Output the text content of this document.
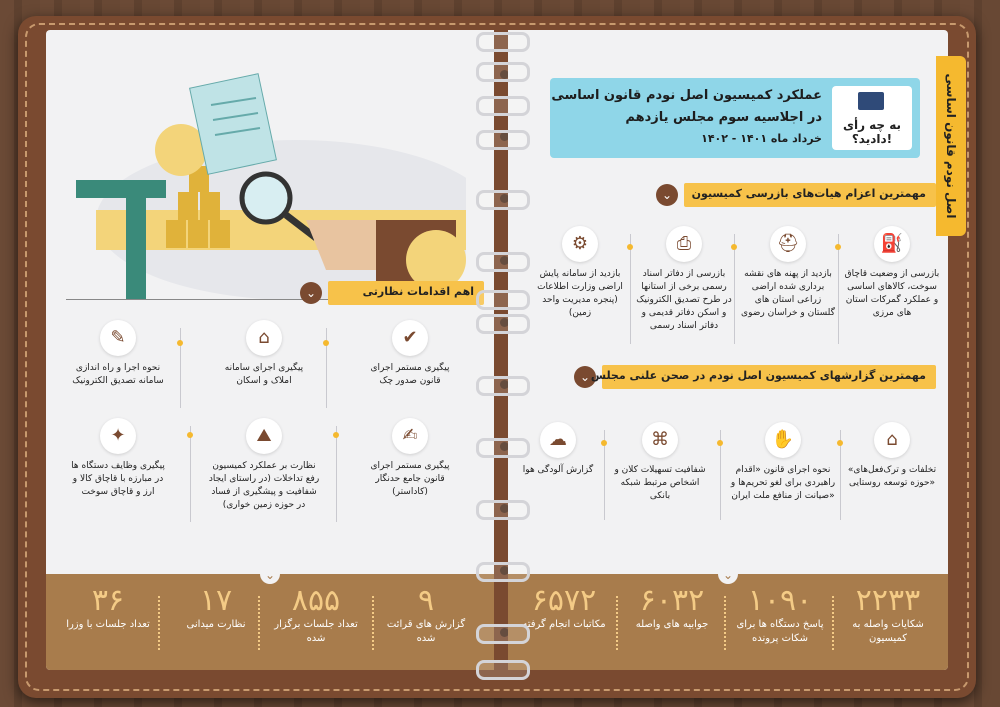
⌄	اهم اقدامات نظارتی
✔
پیگیری مستمر اجرای قانون صدور چک
⌂
پیگیری اجرای سامانه املاک و اسکان
✎
نحوه اجرا و راه اندازی سامانه تصدیق الکترونیک
✍
پیگیری مستمر اجرای قانون جامع حدنگار (کاداستر)
⛰
نظارت بر عملکرد کمیسیون رفع تداخلات (در راستای ایجاد شفافیت و پیشگیری از فساد در حوزه زمین خواری)
✦
پیگیری وظایف دستگاه ها در مبارزه با قاچاق کالا و ارز و قاچاق سوخت
⌄
۹
گزارش های قرائت شده
۸۵۵
تعداد جلسات برگزار شده
۱۷
نظارت میدانی
۳۶
تعداد جلسات با وزرا
به چه رأی دادید؟!
عملکرد کمیسیون اصل نودم قانون اساسی
در اجلاسیه سوم مجلس یازدهم
خرداد ماه ۱۴۰۱ - ۱۴۰۲
⌄	مهمترین اعزام هیات‌های بازرسی کمیسیون
⛽
بازرسی از وضعیت قاچاق سوخت، کالاهای اساسی و عملکرد گمرکات استان های مرزی
⛑
بازدید از پهنه های نقشه برداری شده اراضی زراعی استان های گلستان و خراسان رضوی
⎙
بازرسی از دفاتر اسناد رسمی برخی از استانها در طرح تصدیق الکترونیک و اسکن دفاتر قدیمی و دفاتر اسناد رسمی
⚙
بازدید از سامانه پایش اراضی وزارت اطلاعات (پنجره مدیریت واحد زمین)
⌄ مهمترین گزارشهای کمیسیون اصل نودم در صحن علنی مجلس
⌂
«تخلفات و ترک‌فعل‌های حوزه توسعه روستایی»
✋
نحوه اجرای قانون «اقدام راهبردی برای لغو تحریم‌ها و صیانت از منافع ملت ایران»
⌘
شفافیت تسهیلات کلان و اشخاص مرتبط شبکه بانکی
☁
گزارش آلودگی هوا
⌄
۲۲۳۳
شکایات واصله به کمیسیون
۱۰۹۰
پاسخ دستگاه ها برای شکات پرونده
۶۰۳۲
جوابیه های واصله
۶۵۷۲
مکاتبات انجام گرفته
اصل نودم قانون اساسی
